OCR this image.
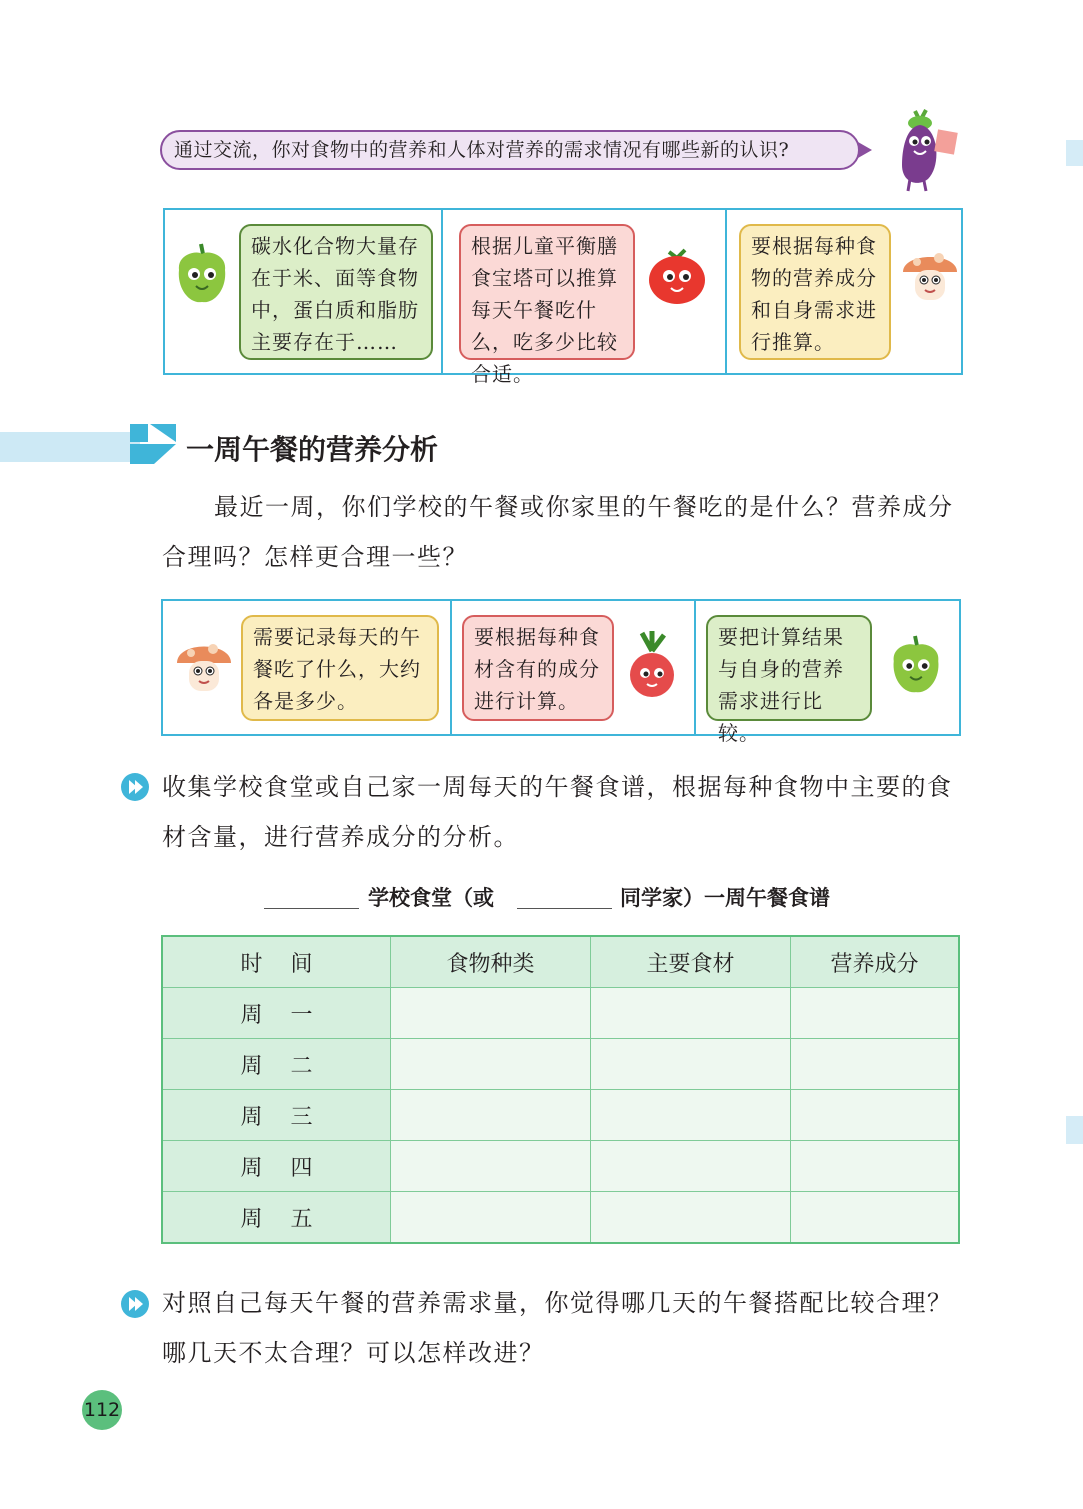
通过交流，你对食物中的营养和人体对营养的需求情况有哪些新的认识?
碳水化合物大量存在于米、面等食物中，蛋白质和脂肪主要存在于……
根据儿童平衡膳食宝塔可以推算每天午餐吃什么，吃多少比较合适。
要根据每种食物的营养成分和自身需求进行推算。
一周午餐的营养分析
最近一周，你们学校的午餐或你家里的午餐吃的是什么？营养成分合理吗？怎样更合理一些？
需要记录每天的午餐吃了什么，大约各是多少。
要根据每种食材含有的成分进行计算。
要把计算结果与自身的营养需求进行比较。
收集学校食堂或自己家一周每天的午餐食谱，根据每种食物中主要的食材含量，进行营养成分的分析。
学校食堂（或	同学家）一周午餐食谱
时间	食物种类	主要食材	营养成分
周一			
周二			
周三			
周四			
周五			
对照自己每天午餐的营养需求量，你觉得哪几天的午餐搭配比较合理？哪几天不太合理？可以怎样改进？
112
